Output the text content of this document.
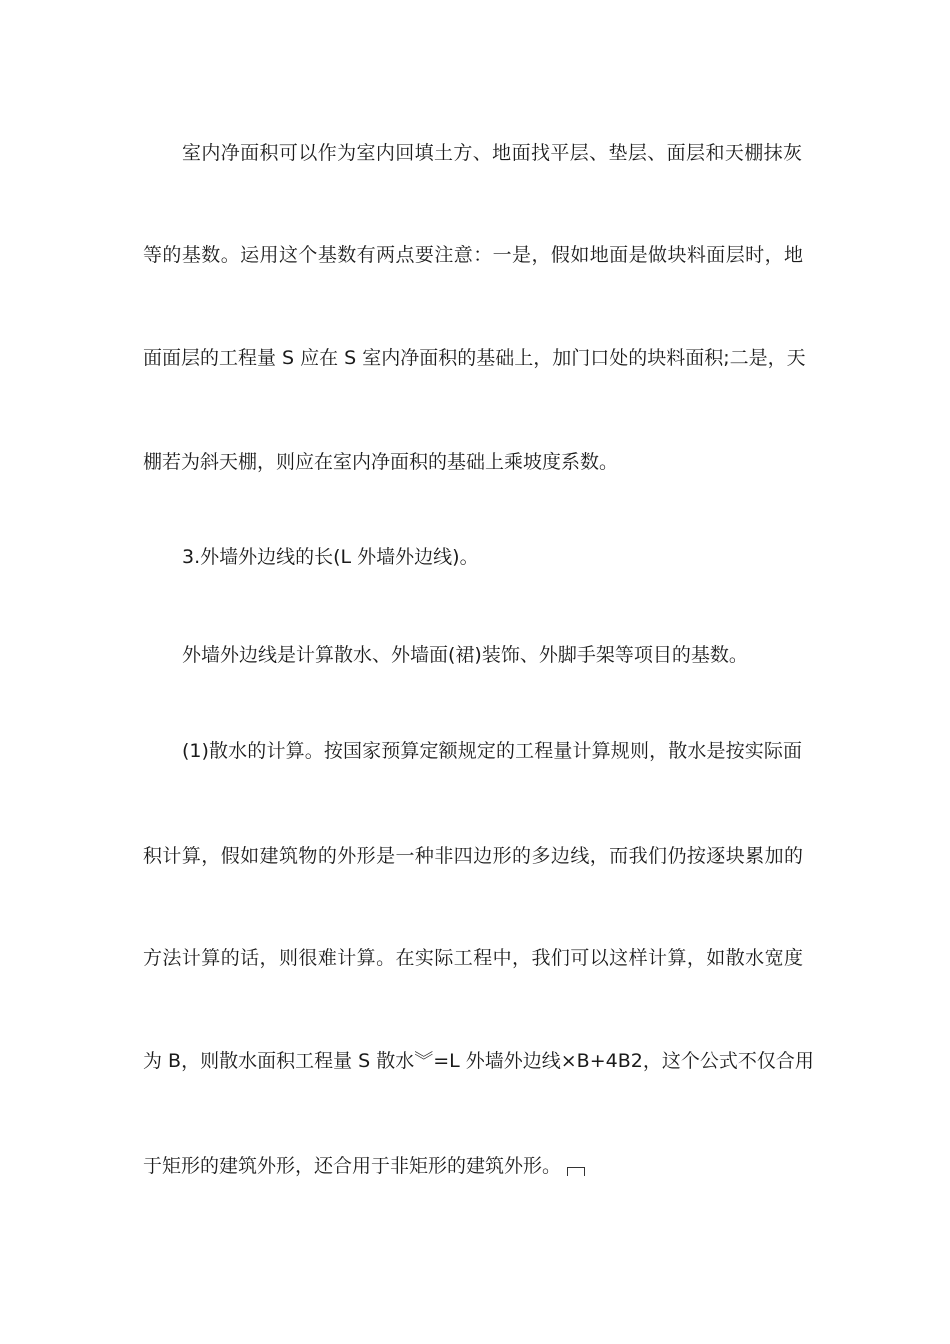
室内净面积可以作为室内回填土方、地面找平层、垫层、面层和天棚抹灰
等的基数。运用这个基数有两点要注意：一是，假如地面是做块料面层时，地
面面层的工程量 S 应在 S 室内净面积的基础上，加门口处的块料面积;二是，天
棚若为斜天棚，则应在室内净面积的基础上乘坡度系数。
3.外墙外边线的长(L 外墙外边线)。
外墙外边线是计算散水、外墙面(裙)装饰、外脚手架等项目的基数。
(1)散水的计算。按国家预算定额规定的工程量计算规则，散水是按实际面
积计算，假如建筑物的外形是一种非四边形的多边线，而我们仍按逐块累加的
方法计算的话，则很难计算。在实际工程中，我们可以这样计算，如散水宽度
为 B，则散水面积工程量 S 散水︾=L 外墙外边线×B+4B2，这个公式不仅合用
于矩形的建筑外形，还合用于非矩形的建筑外形。
